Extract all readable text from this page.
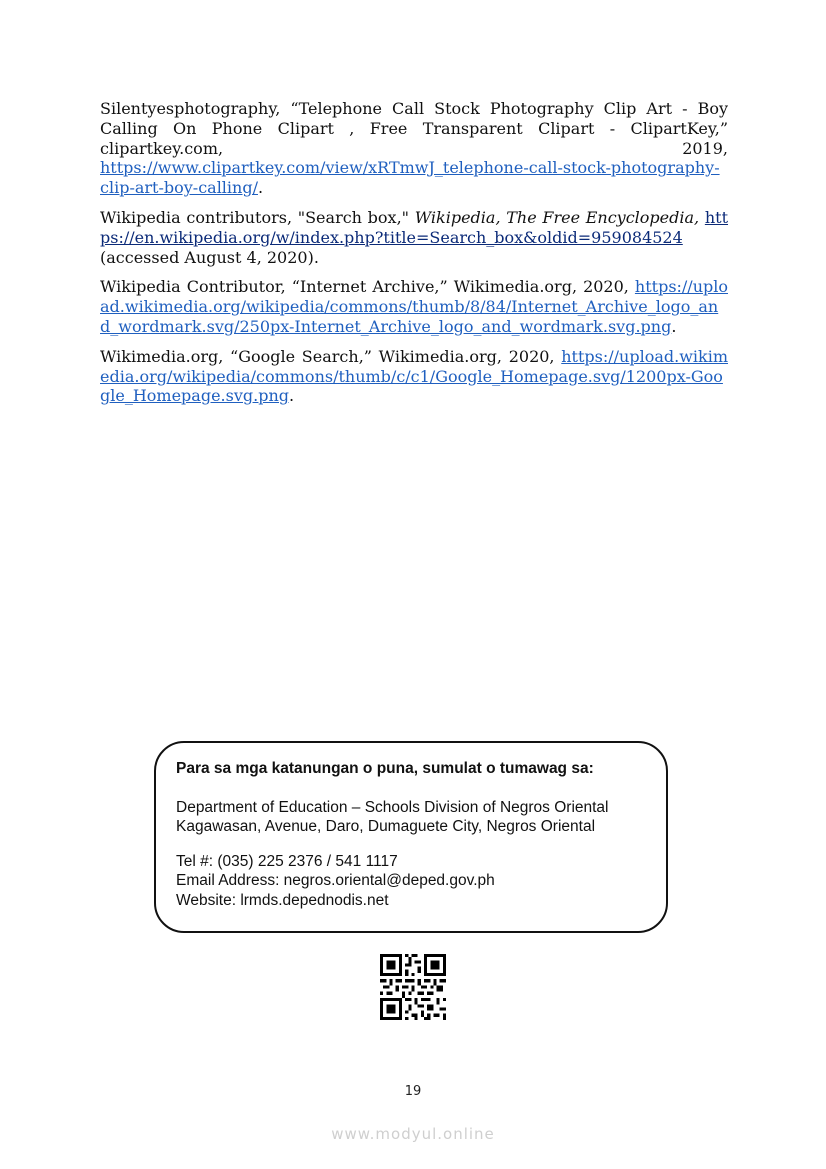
Silentyesphotography, “Telephone Call Stock Photography Clip Art - Boy Calling On Phone Clipart , Free Transparent Clipart - ClipartKey,” clipartkey.com, 2019,
https://www.clipartkey.com/view/xRTmwJ_telephone-call-stock-photography-clip-art-boy-calling/.

Wikipedia contributors, "Search box," Wikipedia, The Free Encyclopedia, https://en.wikipedia.org/w/index.php?title=Search_box&oldid=959084524 (accessed August 4, 2020).

Wikipedia Contributor, “Internet Archive,” Wikimedia.org, 2020, https://upload.wikimedia.org/wikipedia/commons/thumb/8/84/Internet_Archive_logo_and_wordmark.svg/250px-Internet_Archive_logo_and_wordmark.svg.png.

Wikimedia.org, “Google Search,” Wikimedia.org, 2020, https://upload.wikimedia.org/wikipedia/commons/thumb/c/c1/Google_Homepage.svg/1200px-Google_Homepage.svg.png.

Para sa mga katanungan o puna, sumulat o tumawag sa:
Department of Education – Schools Division of Negros Oriental
Kagawasan, Avenue, Daro, Dumaguete City, Negros Oriental
Tel #: (035) 225 2376 / 541 1117
Email Address: negros.oriental@deped.gov.ph
Website: lrmds.depednodis.net
19
www.modyul.online
